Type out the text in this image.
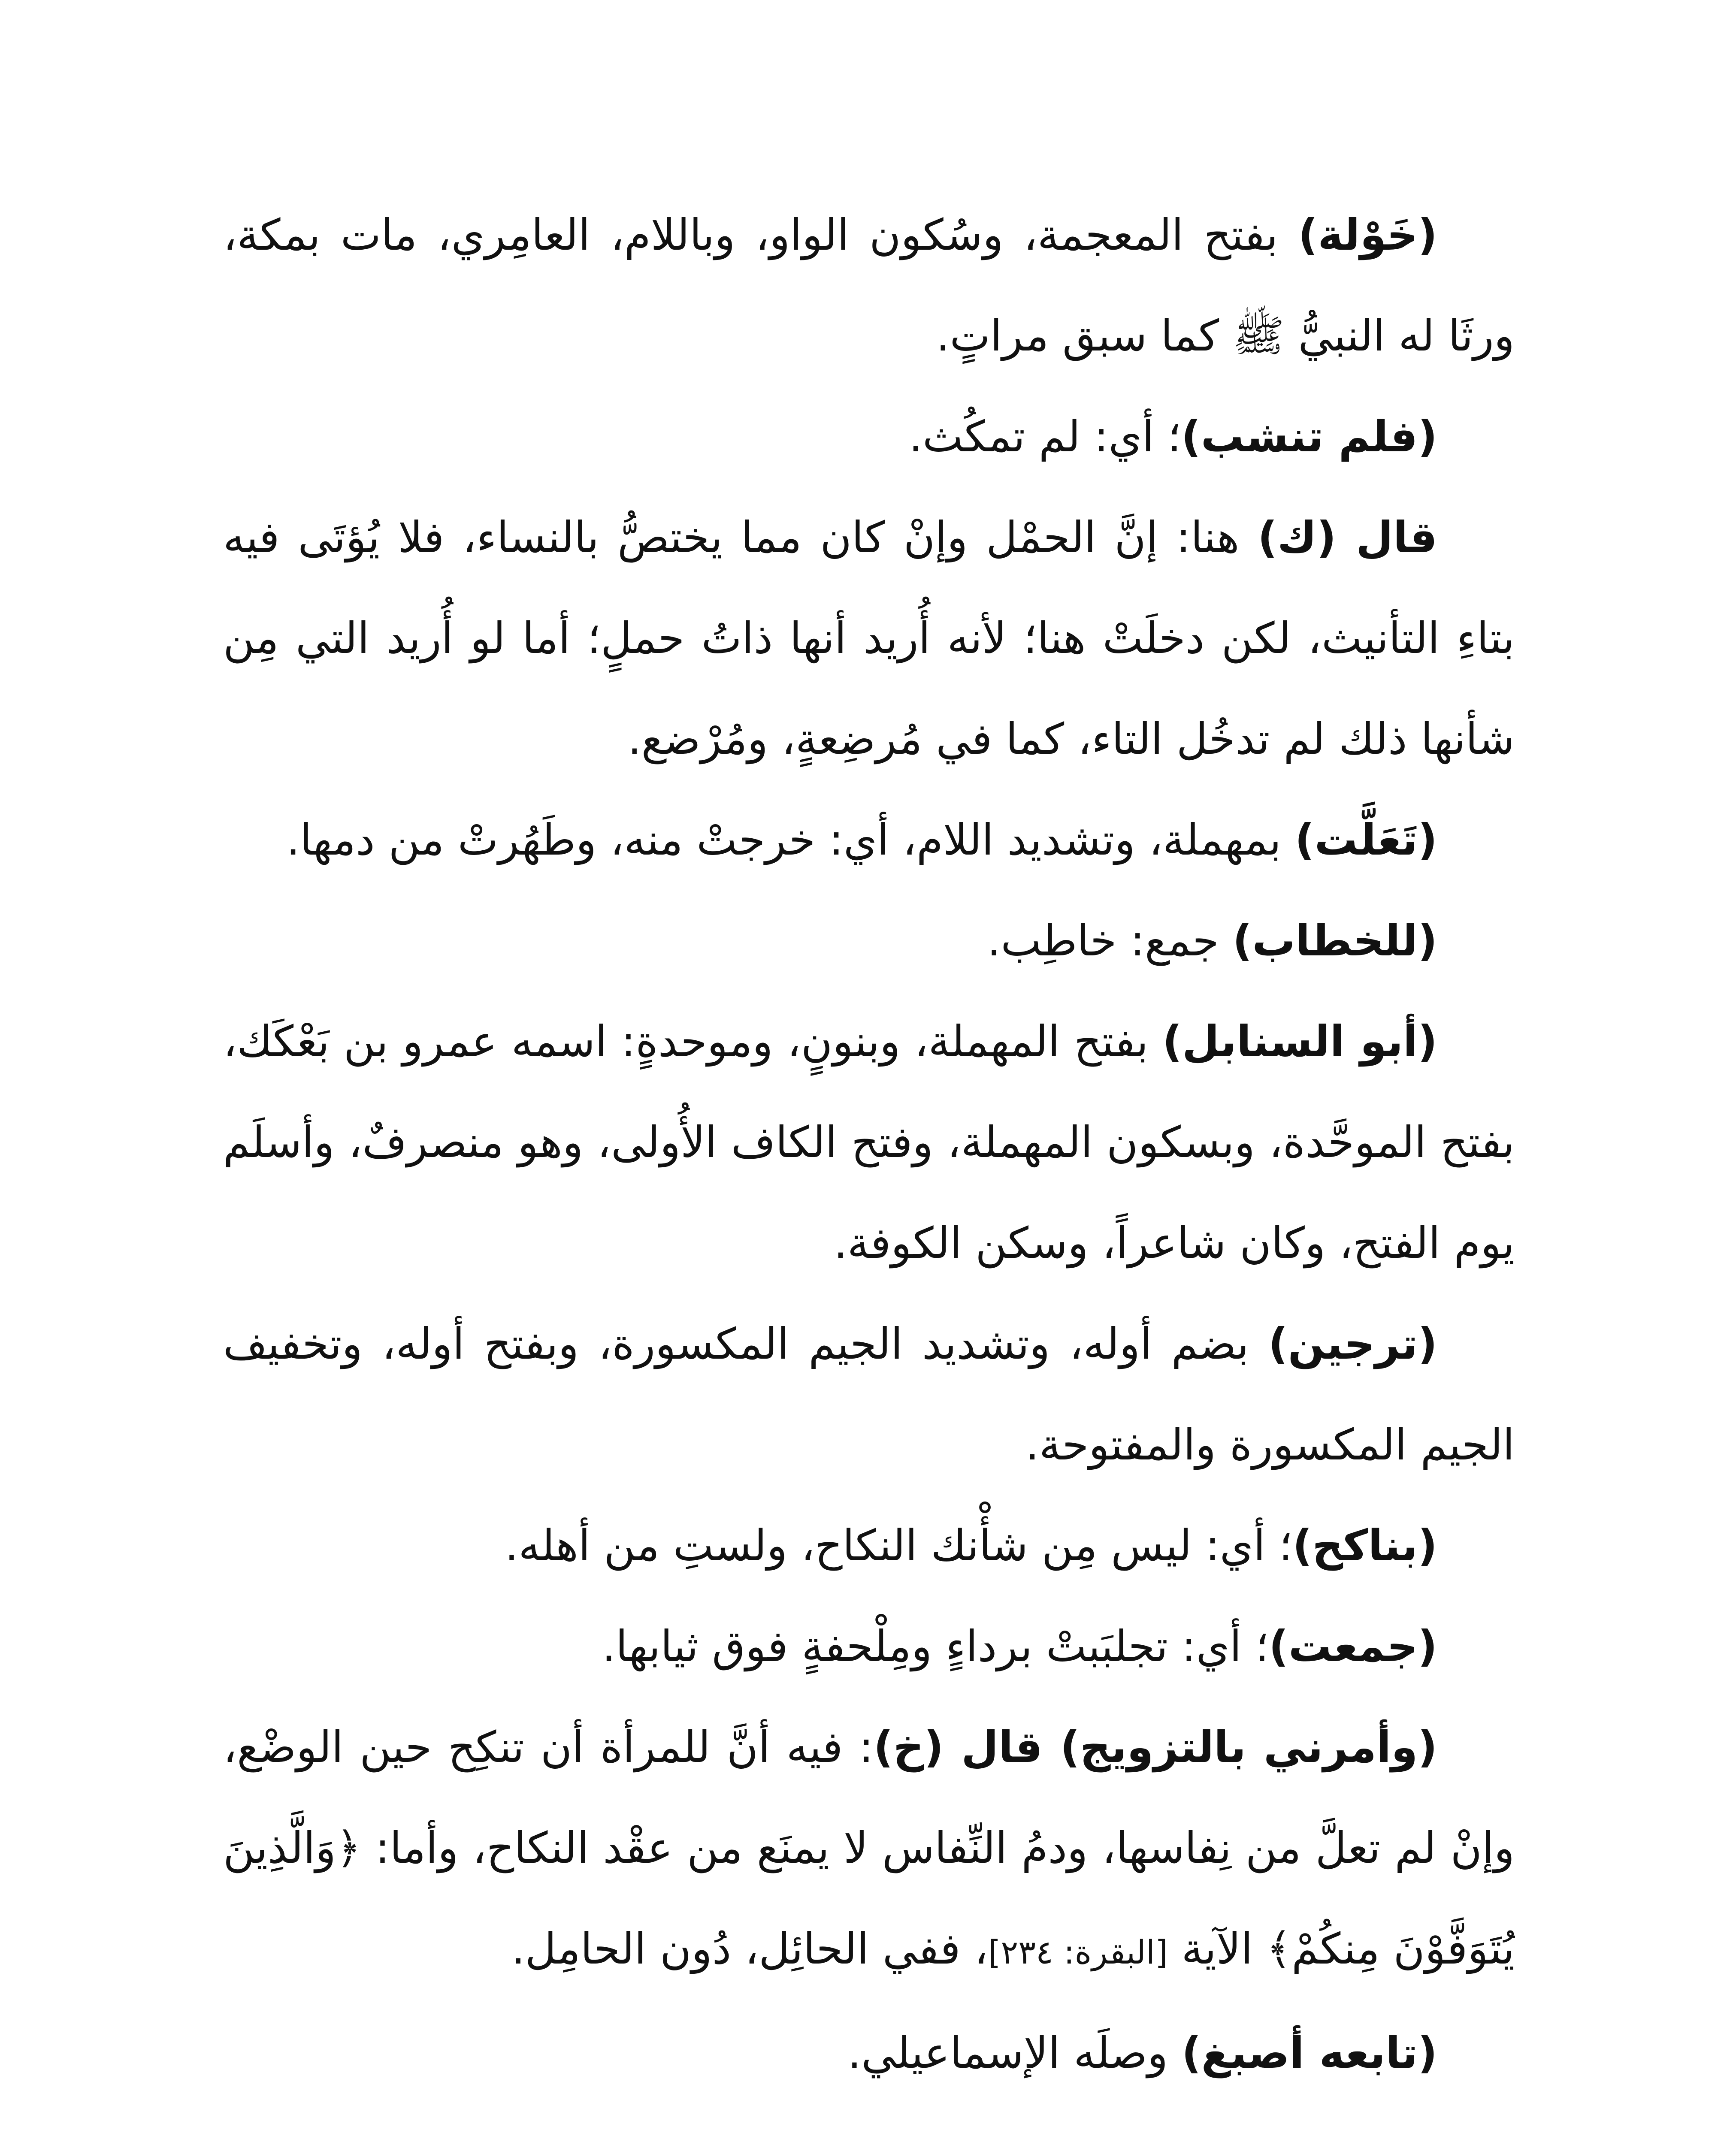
(خَوْلة) بفتح المعجمة، وسُكون الواو، وباللام، العامِري، مات بمكة، ورثَا له النبيُّ ﷺ كما سبق مراتٍ.

(فلم تنشب)؛ أي: لم تمكُث.

قال (ك) هنا: إنَّ الحمْل وإنْ كان مما يختصُّ بالنساء، فلا يُؤتَى فيه بتاءِ التأنيث، لكن دخلَتْ هنا؛ لأنه أُريد أنها ذاتُ حملٍ؛ أما لو أُريد التي مِن شأنها ذلك لم تدخُل التاء، كما في مُرضِعةٍ، ومُرْضع.

(تَعَلَّت) بمهملة، وتشديد اللام، أي: خرجتْ منه، وطَهُرتْ من دمها.

(للخطاب) جمع: خاطِب.

(أبو السنابل) بفتح المهملة، وبنونٍ، وموحدةٍ: اسمه عمرو بن بَعْكَك، بفتح الموحَّدة، وبسكون المهملة، وفتح الكاف الأُولى، وهو منصرفٌ، وأسلَم يوم الفتح، وكان شاعراً، وسكن الكوفة.

(ترجين) بضم أوله، وتشديد الجيم المكسورة، وبفتح أوله، وتخفيف الجيم المكسورة والمفتوحة.

(بناكح)؛ أي: ليس مِن شأْنك النكاح، ولستِ من أهله.

(جمعت)؛ أي: تجلبَبتْ برداءٍ ومِلْحفةٍ فوق ثيابها.

(وأمرني بالتزويج) قال (خ): فيه أنَّ للمرأة أن تنكِح حين الوضْع، وإنْ لم تعلَّ من نِفاسها، ودمُ النِّفاس لا يمنَع من عقْد النكاح، وأما: ﴿وَالَّذِينَ يُتَوَفَّوْنَ مِنكُمْ﴾ الآية [البقرة: ٢٣٤]، ففي الحائِل، دُون الحامِل.

(تابعه أصبغ) وصلَه الإسماعيلي.
